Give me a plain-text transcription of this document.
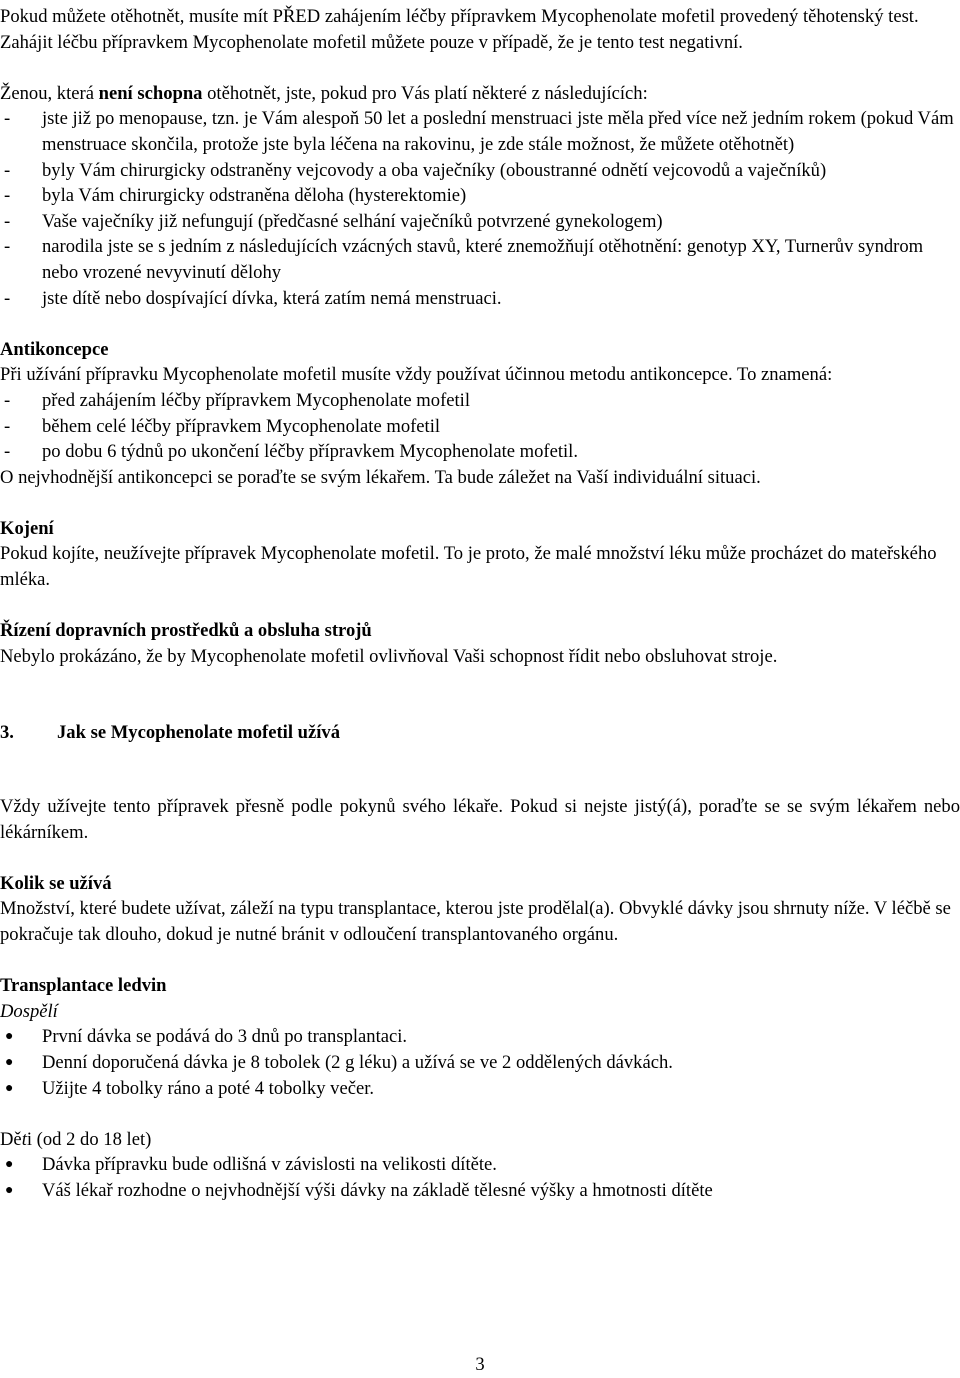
Pokud můžete otěhotnět, musíte mít PŘED zahájením léčby přípravkem Mycophenolate mofetil provedený těhotenský test. Zahájit léčbu přípravkem Mycophenolate mofetil můžete pouze v případě, že je tento test negativní.

Ženou, která není schopna otěhotnět, jste, pokud pro Vás platí některé z následujících:

- jste již po menopause, tzn. je Vám alespoň 50 let a poslední menstruaci jste měla před více než jedním rokem (pokud Vám menstruace skončila, protože jste byla léčena na rakovinu, je zde stále možnost, že můžete otěhotnět)
- byly Vám chirurgicky odstraněny vejcovody a oba vaječníky (oboustranné odnětí vejcovodů a vaječníků)
- byla Vám chirurgicky odstraněna děloha (hysterektomie)
- Vaše vaječníky již nefungují (předčasné selhání vaječníků potvrzené gynekologem)
- narodila jste se s jedním z následujících vzácných stavů, které znemožňují otěhotnění: genotyp XY, Turnerův syndrom nebo vrozené nevyvinutí dělohy
- jste dítě nebo dospívající dívka, která zatím nemá menstruaci.

Antikoncepce

Při užívání přípravku Mycophenolate mofetil musíte vždy používat účinnou metodu antikoncepce. To znamená:

- před zahájením léčby přípravkem Mycophenolate mofetil
- během celé léčby přípravkem Mycophenolate mofetil
- po dobu 6 týdnů po ukončení léčby přípravkem Mycophenolate mofetil.

O nejvhodnější antikoncepci se poraďte se svým lékařem. Ta bude záležet na Vaší individuální situaci.

Kojení

Pokud kojíte, neužívejte přípravek Mycophenolate mofetil. To je proto, že malé množství léku může procházet do mateřského mléka.

Řízení dopravních prostředků a obsluha strojů

Nebylo prokázáno, že by Mycophenolate mofetil ovlivňoval Vaši schopnost řídit nebo obsluhovat stroje.

3. Jak se Mycophenolate mofetil užívá

Vždy užívejte tento přípravek přesně podle pokynů svého lékaře. Pokud si nejste jistý(á), poraďte se se svým lékařem nebo lékárníkem.

Kolik se užívá

Množství, které budete užívat, záleží na typu transplantace, kterou jste prodělal(a). Obvyklé dávky jsou shrnuty níže. V léčbě se pokračuje tak dlouho, dokud je nutné bránit v odloučení transplantovaného orgánu.

Transplantace ledvin

Dospělí

● První dávka se podává do 3 dnů po transplantaci.
● Denní doporučená dávka je 8 tobolek (2 g léku) a užívá se ve 2 oddělených dávkách.
● Užijte 4 tobolky ráno a poté 4 tobolky večer.

Děti (od 2 do 18 let)

● Dávka přípravku bude odlišná v závislosti na velikosti dítěte.
● Váš lékař rozhodne o nejvhodnější výši dávky na základě tělesné výšky a hmotnosti dítěte
3
